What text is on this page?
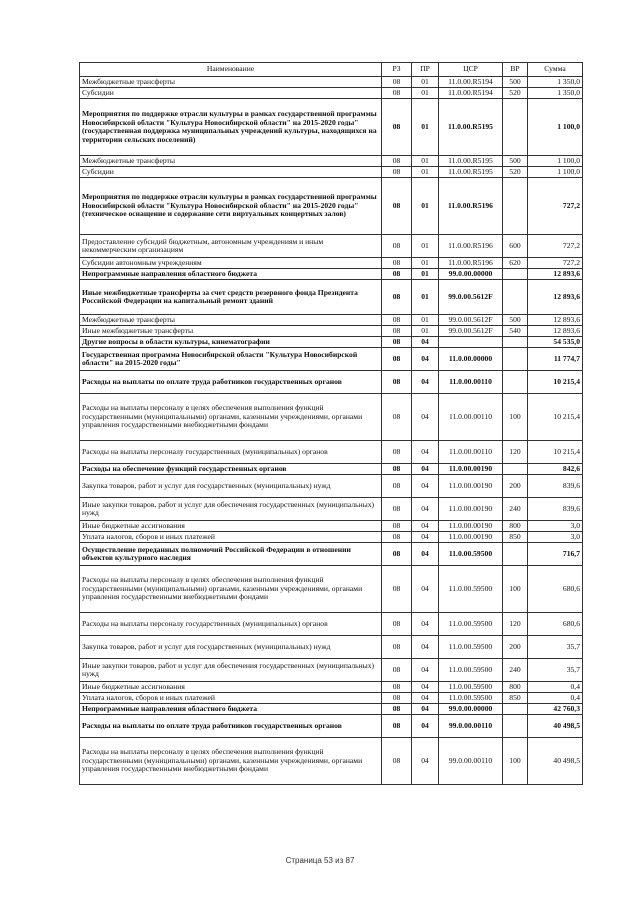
Наименование	РЗ	ПР	ЦСР	ВР	Сумма
Межбюджетные трансферты	08	01	11.0.00.R5194	500	1 350,0
Субсидии	08	01	11.0.00.R5194	520	1 350,0
Мероприятия по поддержке отрасли культуры в рамках государственной программы Новосибирской области "Культура Новосибирской области" на 2015-2020 годы" (государственная поддержка муниципальных учреждений культуры, находящихся на территории сельских поселений)	08	01	11.0.00.R5195		1 100,0
Межбюджетные трансферты	08	01	11.0.00.R5195	500	1 100,0
Субсидии	08	01	11.0.00.R5195	520	1 100,0
Мероприятия по поддержке отрасли культуры в рамках государственной программы Новосибирской области "Культура Новосибирской области" на 2015-2020 годы" (техническое оснащение и содержание сети виртуальных концертных залов)	08	01	11.0.00.R5196		727,2
Предоставление субсидий бюджетным, автономным учреждениям и иным некоммерческим организациям	08	01	11.0.00.R5196	600	727,2
Субсидии автономным учреждениям	08	01	11.0.00.R5196	620	727,2
Непрограммные направления областного бюджета	08	01	99.0.00.00000		12 893,6
Иные межбюджетные трансферты за счет средств резервного фонда Президента Российской Федерации на капитальный ремонт зданий	08	01	99.0.00.5612F		12 893,6
Межбюджетные трансферты	08	01	99.0.00.5612F	500	12 893,6
Иные межбюджетные трансферты	08	01	99.0.00.5612F	540	12 893,6
Другие вопросы в области культуры, кинематографии	08	04			54 535,0
Государственная программа Новосибирской области "Культура Новосибирской области" на 2015-2020 годы"	08	04	11.0.00.00000		11 774,7
Расходы на выплаты по оплате труда работников государственных органов	08	04	11.0.00.00110		10 215,4
Расходы на выплаты персоналу в целях обеспечения выполнения функций государственными (муниципальными) органами, казенными учреждениями, органами управления государственными внебюджетными фондами	08	04	11.0.00.00110	100	10 215,4
Расходы на выплаты персоналу государственных (муниципальных) органов	08	04	11.0.00.00110	120	10 215,4
Расходы на обеспечение функций государственных органов	08	04	11.0.00.00190		842,6
Закупка товаров, работ и услуг для государственных (муниципальных) нужд	08	04	11.0.00.00190	200	839,6
Иные закупки товаров, работ и услуг для обеспечения государственных (муниципальных) нужд	08	04	11.0.00.00190	240	839,6
Иные бюджетные ассигнования	08	04	11.0.00.00190	800	3,0
Уплата налогов, сборов и иных платежей	08	04	11.0.00.00190	850	3,0
Осуществление переданных полномочий Российской Федерации в отношении объектов культурного наследия	08	04	11.0.00.59500		716,7
Расходы на выплаты персоналу в целях обеспечения выполнения функций государственными (муниципальными) органами, казенными учреждениями, органами управления государственными внебюджетными фондами	08	04	11.0.00.59500	100	680,6
Расходы на выплаты персоналу государственных (муниципальных) органов	08	04	11.0.00.59500	120	680,6
Закупка товаров, работ и услуг для государственных (муниципальных) нужд	08	04	11.0.00.59500	200	35,7
Иные закупки товаров, работ и услуг для обеспечения государственных (муниципальных) нужд	08	04	11.0.00.59500	240	35,7
Иные бюджетные ассигнования	08	04	11.0.00.59500	800	0,4
Уплата налогов, сборов и иных платежей	08	04	11.0.00.59500	850	0,4
Непрограммные направления областного бюджета	08	04	99.0.00.00000		42 760,3
Расходы на выплаты по оплате труда работников государственных органов	08	04	99.0.00.00110		40 498,5
Расходы на выплаты персоналу в целях обеспечения выполнения функций государственными (муниципальными) органами, казенными учреждениями, органами управления государственными внебюджетными фондами	08	04	99.0.00.00110	100	40 498,5
Страница 53 из 87
